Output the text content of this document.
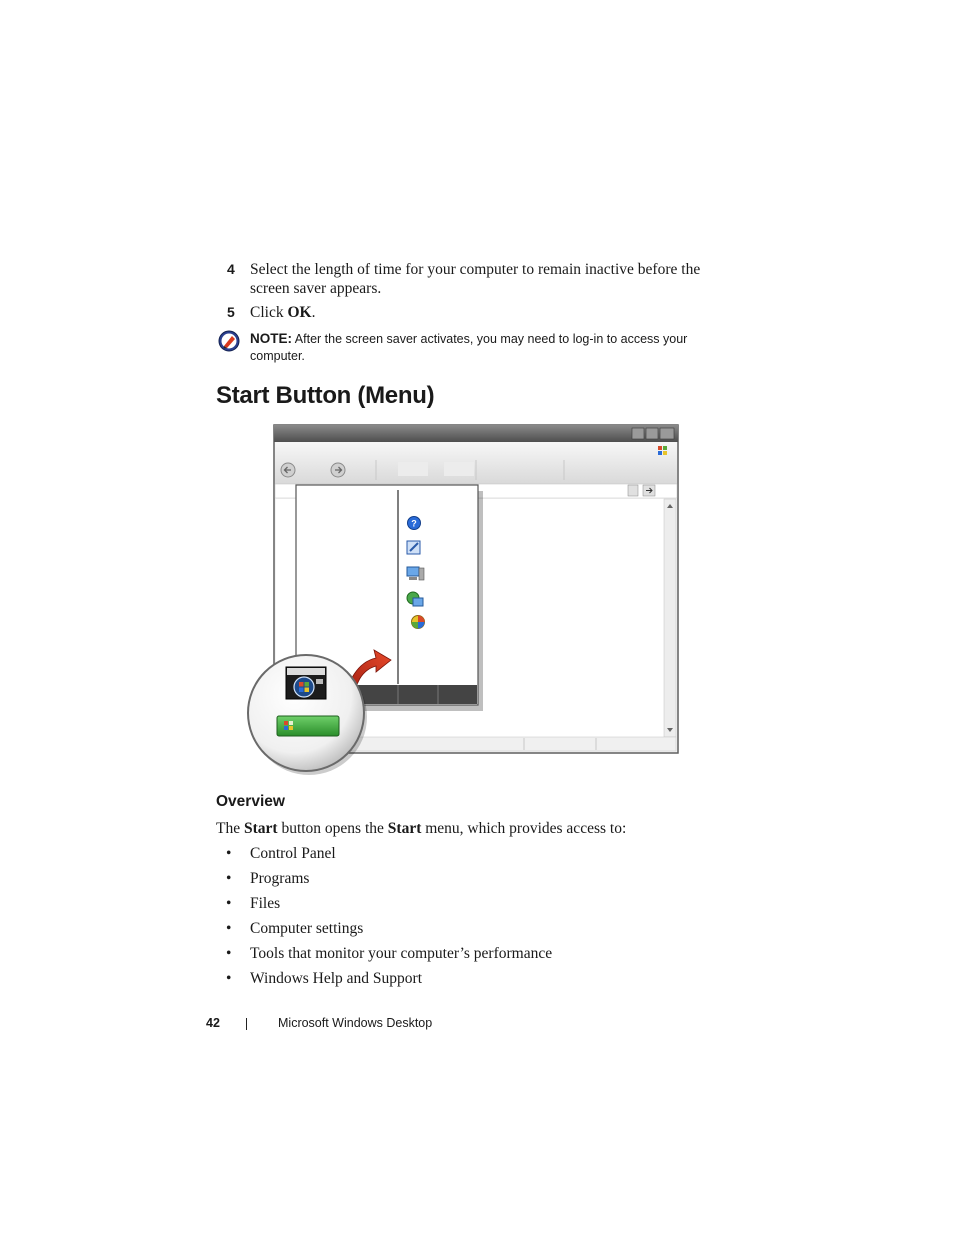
4 Select the length of time for your computer to remain inactive before the
screen saver appears.
5 Click OK.
NOTE: After the screen saver activates, you may need to log-in to access your
computer.
Start Button (Menu)
?
Overview
The Start button opens the Start menu, which provides access to:
• Control Panel
• Programs
• Files
• Computer settings
• Tools that monitor your computer’s performance
• Windows Help and Support
42	Microsoft Windows Desktop
